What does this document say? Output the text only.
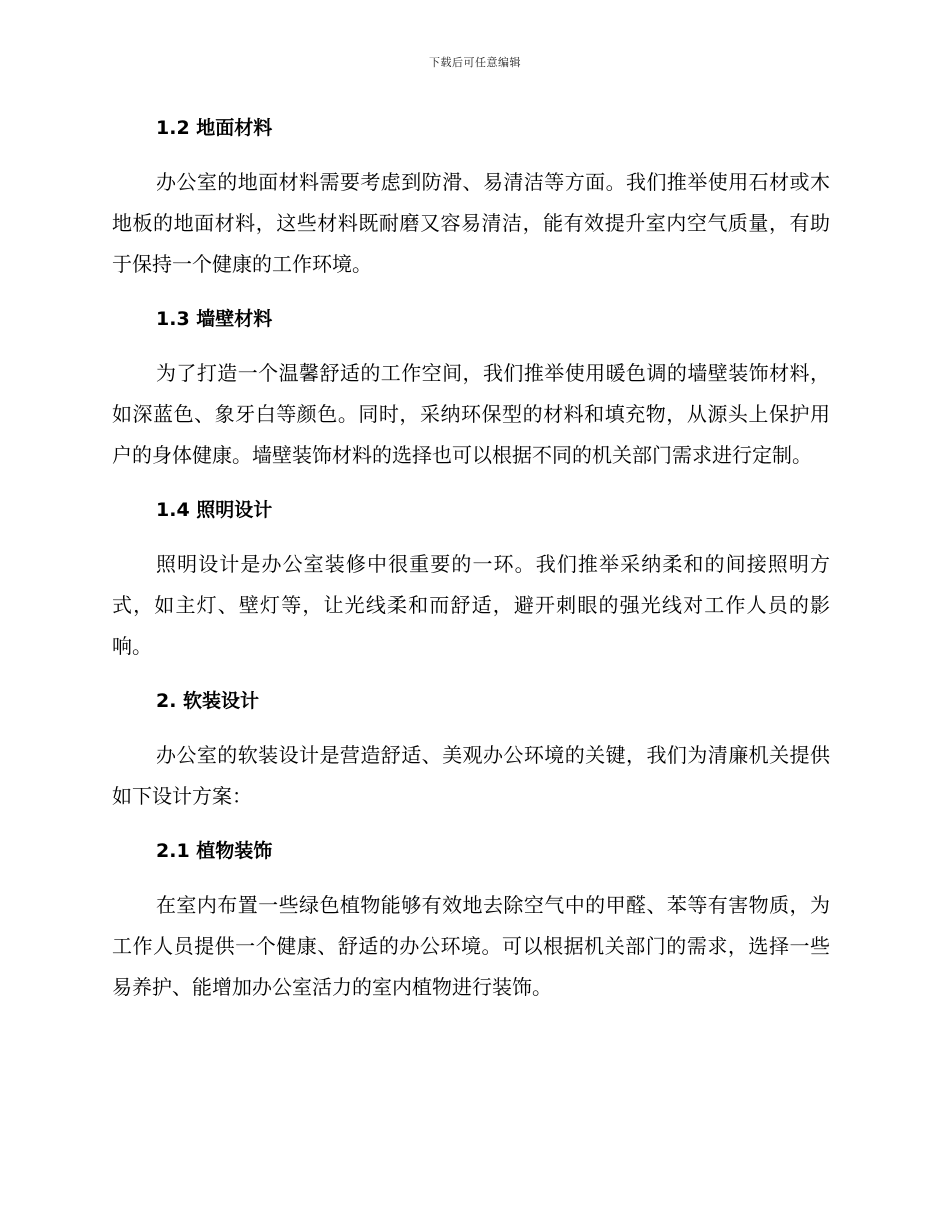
下载后可任意编辑
1.2 地面材料

办公室的地面材料需要考虑到防滑、易清洁等方面。我们推举使用石材或木地板的地面材料，这些材料既耐磨又容易清洁，能有效提升室内空气质量，有助于保持一个健康的工作环境。

1.3 墙壁材料

为了打造一个温馨舒适的工作空间，我们推举使用暖色调的墙壁装饰材料，如深蓝色、象牙白等颜色。同时，采纳环保型的材料和填充物，从源头上保护用户的身体健康。墙壁装饰材料的选择也可以根据不同的机关部门需求进行定制。

1.4 照明设计

照明设计是办公室装修中很重要的一环。我们推举采纳柔和的间接照明方式，如主灯、壁灯等，让光线柔和而舒适，避开刺眼的强光线对工作人员的影响。

2. 软装设计

办公室的软装设计是营造舒适、美观办公环境的关键，我们为清廉机关提供如下设计方案：

2.1 植物装饰

在室内布置一些绿色植物能够有效地去除空气中的甲醛、苯等有害物质，为工作人员提供一个健康、舒适的办公环境。可以根据机关部门的需求，选择一些易养护、能增加办公室活力的室内植物进行装饰。
